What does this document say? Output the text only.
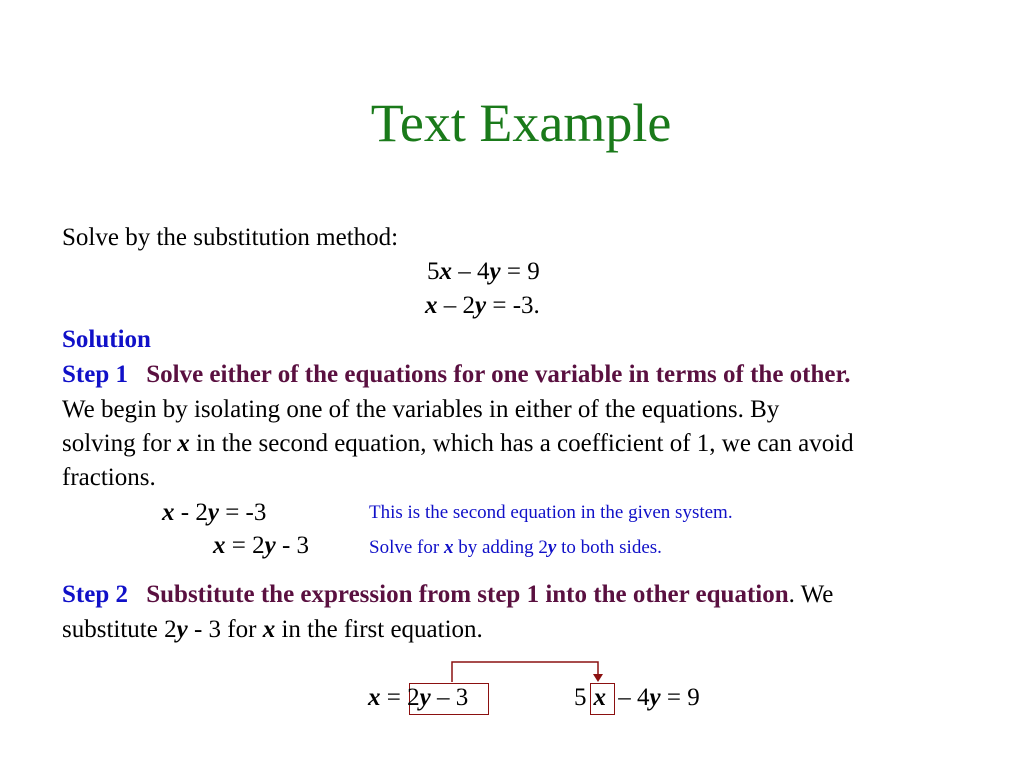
Text Example
Solve by the substitution method:
5x – 4y = 9
x – 2y = -3.
Solution
Step 1 Solve either of the equations for one variable in terms of the other.
We begin by isolating one of the variables in either of the equations. By
solving for x in the second equation, which has a coefficient of 1, we can avoid
fractions.
x - 2y = -3	This is the second equation in the given system.
x = 2y - 3	Solve for x by adding 2y to both sides.
Step 2 Substitute the expression from step 1 into the other equation. We
substitute 2y - 3 for x in the first equation.
x = 2y – 3	5 x – 4y = 9
